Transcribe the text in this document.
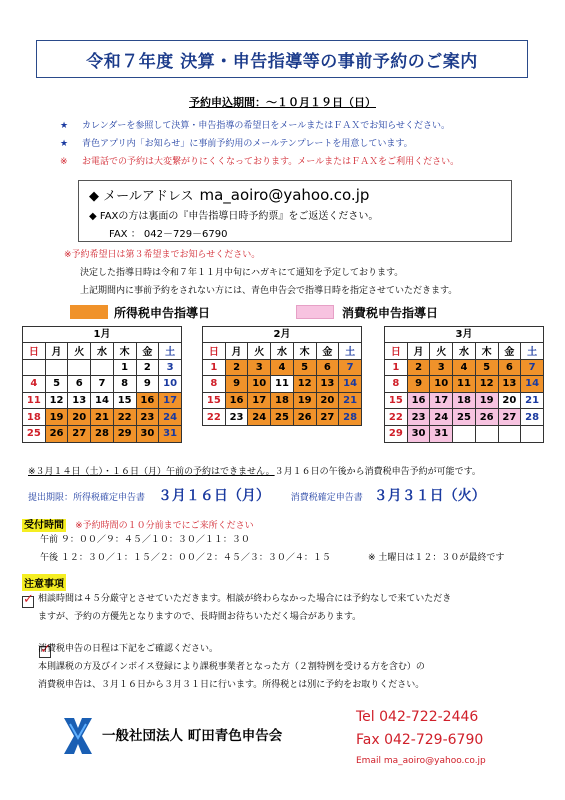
令和７年度 決算・申告指導等の事前予約のご案内
予約申込期間：～１０月１９日（日）
★ カレンダーを参照して決算・申告指導の希望日をメールまたはＦＡＸでお知らせください。
★ 青色アプリ内「お知らせ」に事前予約用のメールテンプレートを用意しています。
※ お電話での予約は大変繋がりにくくなっております。メールまたはＦＡＸをご利用ください。
◆ メールアドレス ma_aoiro@yahoo.co.jp
◆ FAXの方は裏面の『申告指導日時予約票』をご返送ください。
FAX ： 042－729－6790
※予約希望日は第３希望までお知らせください。
決定した指導日時は令和７年１１月中旬にハガキにて通知を予定しております。
上記期間内に事前予約をされない方には、青色申告会で指導日時を指定させていただきます。
所得税申告指導日	消費税申告指導日
1月
日	月	火	水	木	金	土
				1	2	3
4	5	6	7	8	9	10
11	12	13	14	15	16	17
18	19	20	21	22	23	24
25	26	27	28	29	30	31
2月
日	月	火	水	木	金	土
1	2	3	4	5	6	7
8	9	10	11	12	13	14
15	16	17	18	19	20	21
22	23	24	25	26	27	28
3月
日	月	火	水	木	金	土
1	2	3	4	5	6	7
8	9	10	11	12	13	14
15	16	17	18	19	20	21
22	23	24	25	26	27	28
29	30	31				
※３月１４日（土）・１６日（月）午前の予約はできません。３月１６日の午後から消費税申告予約が可能です。
提出期限：所得税確定申告書 ３月１６日（月） 消費税確定申告書 ３月３１日（火）
受付時間 ※予約時間の１０分前までにご来所ください
午前 ９：００／９：４５／１０：３０／１１：３０
午後 １２：３０／１：１５／２：００／２：４５／３：３０／４：１５	※ 土曜日は１２：３０が最終です
注意事項
✓
相談時間は４５分厳守とさせていただきます。相談が終わらなかった場合には予約なしで来ていただき
ますが、予約の方優先となりますので、長時間お待ちいただく場合があります。
✓
消費税申告の日程は下記をご確認ください。
本則課税の方及びインボイス登録により課税事業者となった方（２割特例を受ける方を含む）の
消費税申告は、３月１６日から３月３１日に行います。所得税とは別に予約をお取りください。
一般社団法人 町田青色申告会
Tel 042-722-2446
Fax 042-729-6790
Email ma_aoiro@yahoo.co.jp
